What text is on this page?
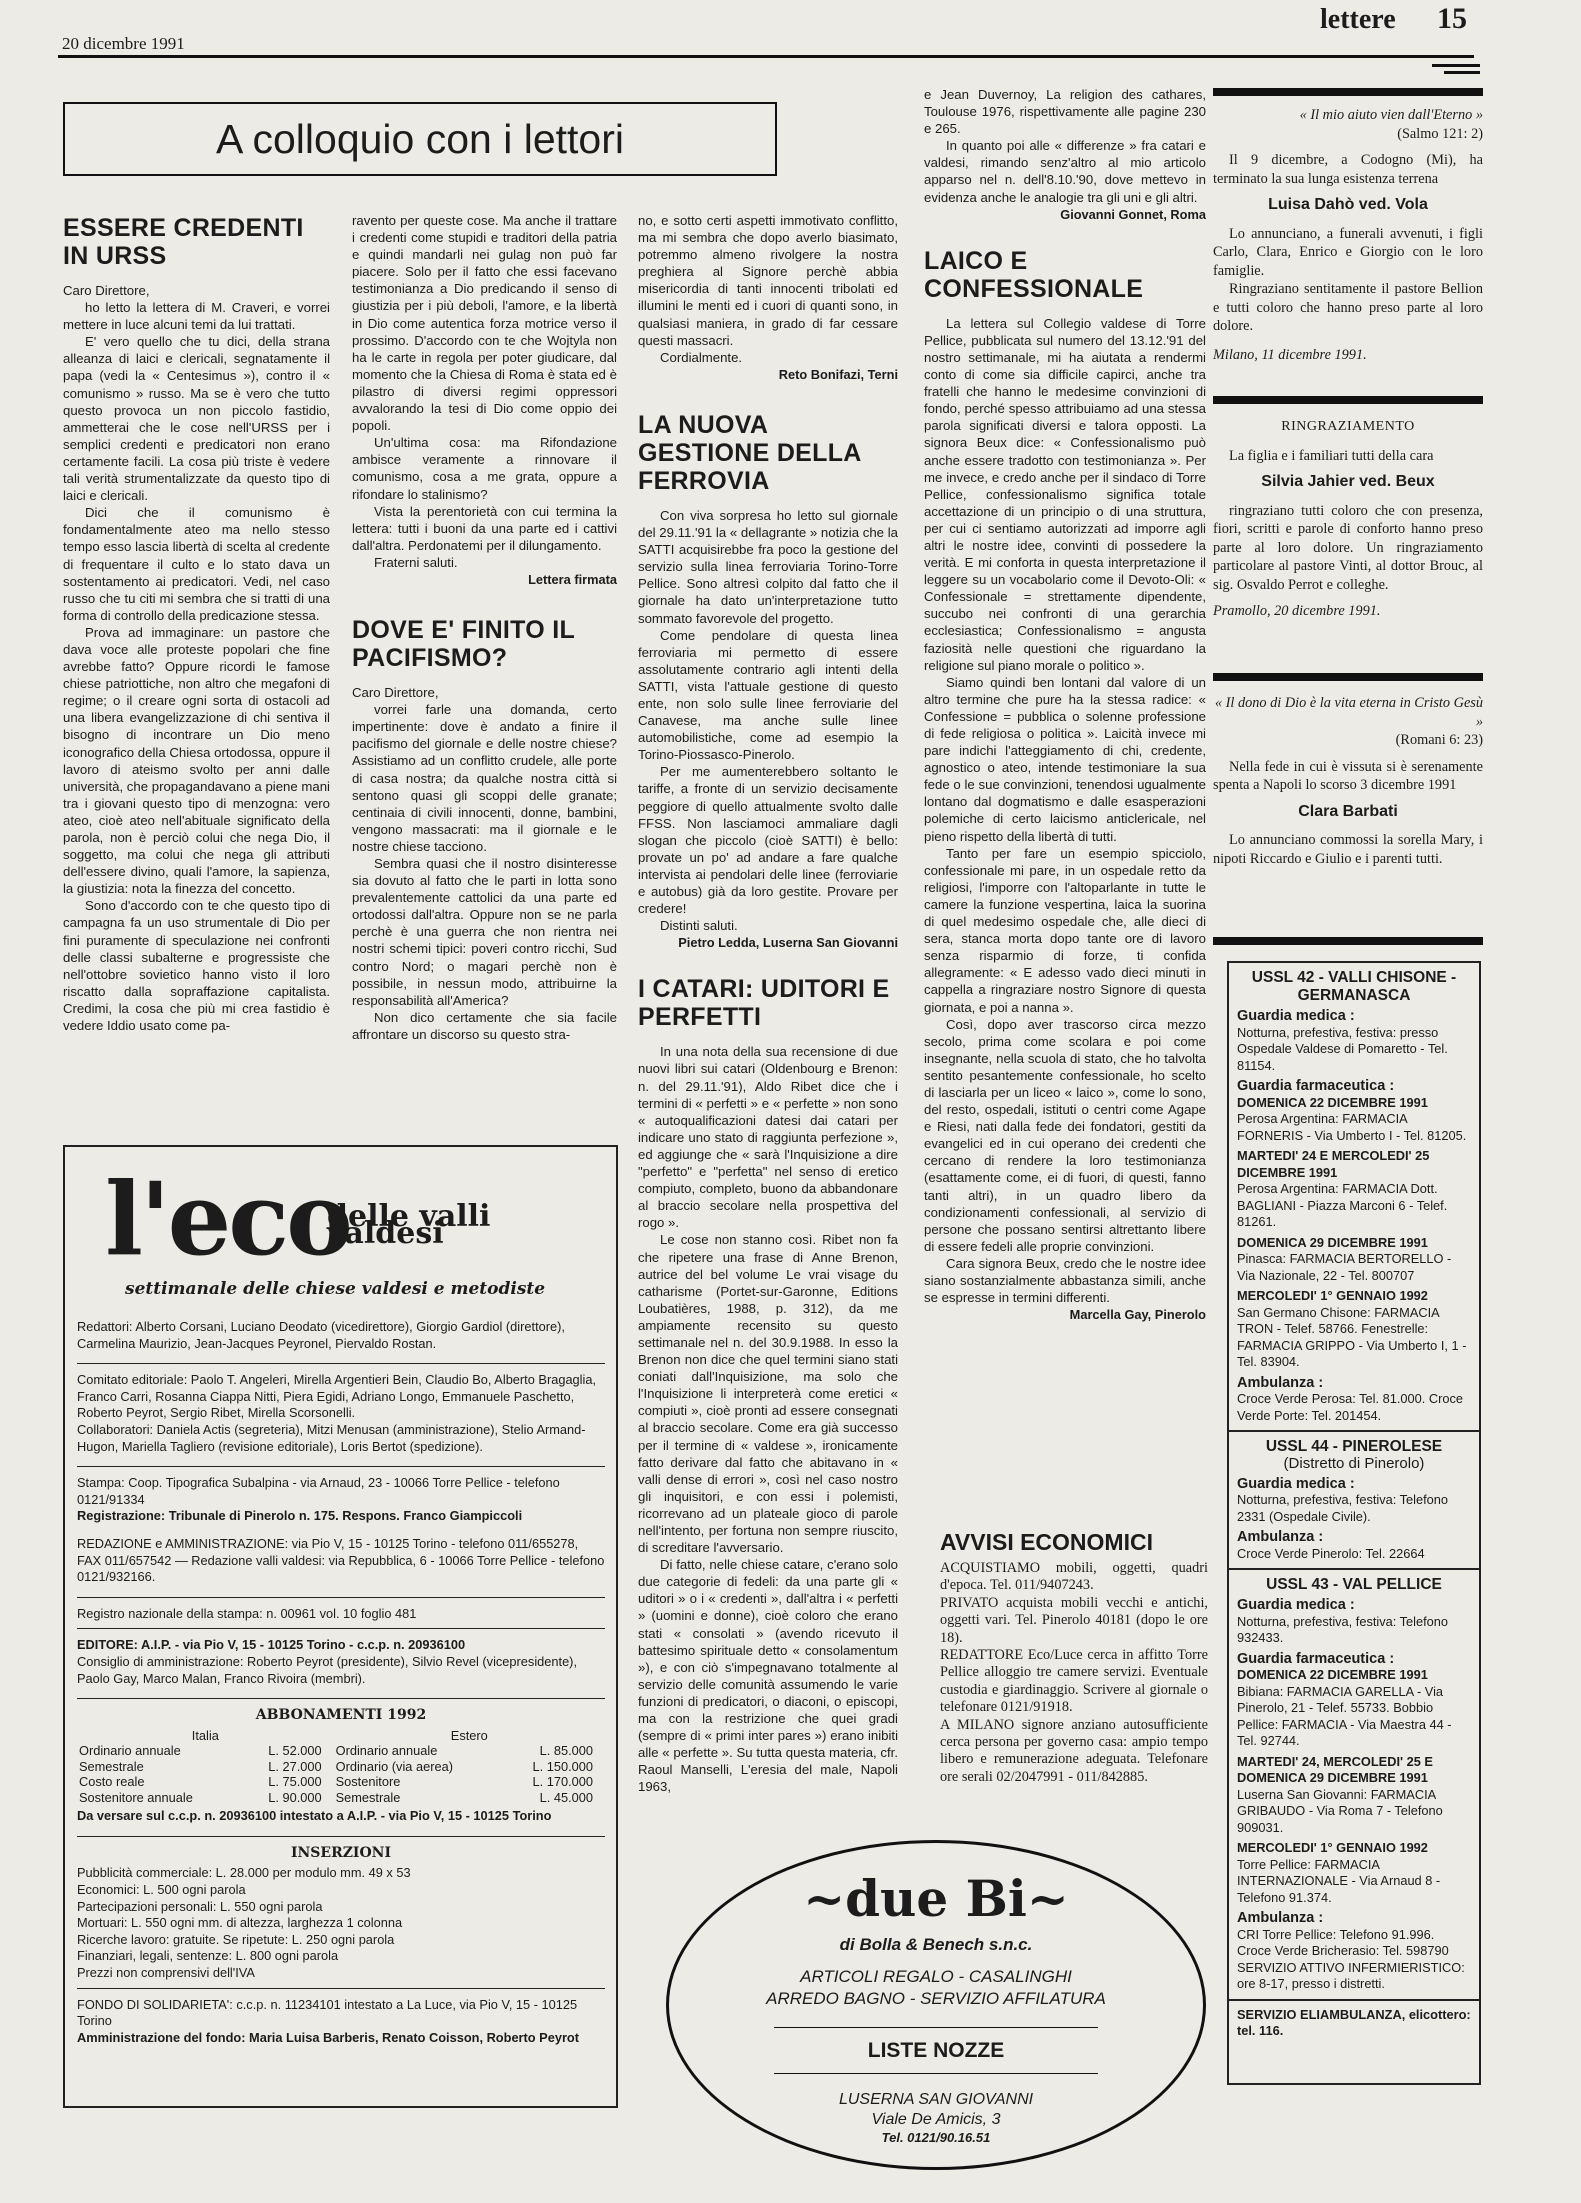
20 dicembre 1991
lettere 15
A colloquio con i lettori
ESSERE CREDENTI IN URSS

Caro Direttore,

ho letto la lettera di M. Craveri, e vorrei mettere in luce alcuni temi da lui trattati.

E' vero quello che tu dici, della strana alleanza di laici e clericali, segnatamente il papa (vedi la « Centesimus »), contro il « comunismo » russo. Ma se è vero che tutto questo provoca un non piccolo fastidio, ammetterai che le cose nell'URSS per i semplici credenti e predicatori non erano certamente facili. La cosa più triste è vedere tali verità strumentalizzate da questo tipo di laici e clericali.

Dici che il comunismo è fondamentalmente ateo ma nello stesso tempo esso lascia libertà di scelta al credente di frequentare il culto e lo stato dava un sostentamento ai predicatori. Vedi, nel caso russo che tu citi mi sembra che si tratti di una forma di controllo della predicazione stessa.

Prova ad immaginare: un pastore che dava voce alle proteste popolari che fine avrebbe fatto? Oppure ricordi le famose chiese patriottiche, non altro che megafoni di regime; o il creare ogni sorta di ostacoli ad una libera evangelizzazione di chi sentiva il bisogno di incontrare un Dio meno iconografico della Chiesa ortodossa, oppure il lavoro di ateismo svolto per anni dalle università, che propagandavano a piene mani tra i giovani questo tipo di menzogna: vero ateo, cioè ateo nell'abituale significato della parola, non è perciò colui che nega Dio, il soggetto, ma colui che nega gli attributi dell'essere divino, quali l'amore, la sapienza, la giustizia: nota la finezza del concetto.

Sono d'accordo con te che questo tipo di campagna fa un uso strumentale di Dio per fini puramente di speculazione nei confronti delle classi subalterne e progressiste che nell'ottobre sovietico hanno visto il loro riscatto dalla sopraffazione capitalista. Credimi, la cosa che più mi crea fastidio è vedere Iddio usato come pa-

ravento per queste cose. Ma anche il trattare i credenti come stupidi e traditori della patria e quindi mandarli nei gulag non può far piacere. Solo per il fatto che essi facevano testimonianza a Dio predicando il senso di giustizia per i più deboli, l'amore, e la libertà in Dio come autentica forza motrice verso il prossimo. D'accordo con te che Wojtyla non ha le carte in regola per poter giudicare, dal momento che la Chiesa di Roma è stata ed è pilastro di diversi regimi oppressori avvalorando la tesi di Dio come oppio dei popoli.

Un'ultima cosa: ma Rifondazione ambisce veramente a rinnovare il comunismo, cosa a me grata, oppure a rifondare lo stalinismo?

Vista la perentorietà con cui termina la lettera: tutti i buoni da una parte ed i cattivi dall'altra. Perdonatemi per il dilungamento.

Fraterni saluti.

Lettera firmata

DOVE E' FINITO IL PACIFISMO?

Caro Direttore,

vorrei farle una domanda, certo impertinente: dove è andato a finire il pacifismo del giornale e delle nostre chiese? Assistiamo ad un conflitto crudele, alle porte di casa nostra; da qualche nostra città si sentono quasi gli scoppi delle granate; centinaia di civili innocenti, donne, bambini, vengono massacrati: ma il giornale e le nostre chiese tacciono.

Sembra quasi che il nostro disinteresse sia dovuto al fatto che le parti in lotta sono prevalentemente cattolici da una parte ed ortodossi dall'altra. Oppure non se ne parla perchè è una guerra che non rientra nei nostri schemi tipici: poveri contro ricchi, Sud contro Nord; o magari perchè non è possibile, in nessun modo, attribuirne la responsabilità all'America?

Non dico certamente che sia facile affrontare un discorso su questo stra-

no, e sotto certi aspetti immotivato conflitto, ma mi sembra che dopo averlo biasimato, potremmo almeno rivolgere la nostra preghiera al Signore perchè abbia misericordia di tanti innocenti tribolati ed illumini le menti ed i cuori di quanti sono, in qualsiasi maniera, in grado di far cessare questi massacri.

Cordialmente.

Reto Bonifazi, Terni

LA NUOVA GESTIONE DELLA FERROVIA

Con viva sorpresa ho letto sul giornale del 29.11.'91 la « dellagrante » notizia che la SATTI acquisirebbe fra poco la gestione del servizio sulla linea ferroviaria Torino-Torre Pellice. Sono altresì colpito dal fatto che il giornale ha dato un'interpretazione tutto sommato favorevole del progetto.

Come pendolare di questa linea ferroviaria mi permetto di essere assolutamente contrario agli intenti della SATTI, vista l'attuale gestione di questo ente, non solo sulle linee ferroviarie del Canavese, ma anche sulle linee automobilistiche, come ad esempio la Torino-Piossasco-Pinerolo.

Per me aumenterebbero soltanto le tariffe, a fronte di un servizio decisamente peggiore di quello attualmente svolto dalle FFSS. Non lasciamoci ammaliare dagli slogan che piccolo (cioè SATTI) è bello: provate un po' ad andare a fare qualche intervista ai pendolari delle linee (ferroviarie e autobus) già da loro gestite. Provare per credere!

Distinti saluti.

Pietro Ledda, Luserna San Giovanni

I CATARI: UDITORI E PERFETTI

In una nota della sua recensione di due nuovi libri sui catari (Oldenbourg e Brenon: n. del 29.11.'91), Aldo Ribet dice che i termini di « perfetti » e « perfette » non sono « autoqualificazioni datesi dai catari per indicare uno stato di raggiunta perfezione », ed aggiunge che « sarà l'Inquisizione a dire "perfetto" e "perfetta" nel senso di eretico compiuto, completo, buono da abbandonare al braccio secolare nella prospettiva del rogo ».

Le cose non stanno così. Ribet non fa che ripetere una frase di Anne Brenon, autrice del bel volume Le vrai visage du catharisme (Portet-sur-Garonne, Editions Loubatières, 1988, p. 312), da me ampiamente recensito su questo settimanale nel n. del 30.9.1988. In esso la Brenon non dice che quel termini siano stati coniati dall'Inquisizione, ma solo che l'Inquisizione li interpreterà come eretici « compiuti », cioè pronti ad essere consegnati al braccio secolare. Come era già successo per il termine di « valdese », ironicamente fatto derivare dal fatto che abitavano in « valli dense di errori », così nel caso nostro gli inquisitori, e con essi i polemisti, ricorrevano ad un plateale gioco di parole nell'intento, per fortuna non sempre riuscito, di screditare l'avversario.

Di fatto, nelle chiese catare, c'erano solo due categorie di fedeli: da una parte gli « uditori » o i « credenti », dall'altra i « perfetti » (uomini e donne), cioè coloro che erano stati « consolati » (avendo ricevuto il battesimo spirituale detto « consolamentum »), e con ciò s'impegnavano totalmente al servizio delle comunità assumendo le varie funzioni di predicatori, o diaconi, o episcopi, ma con la restrizione che quei gradi (sempre di « primi inter pares ») erano inibiti alle « perfette ». Su tutta questa materia, cfr. Raoul Manselli, L'eresia del male, Napoli 1963,

e Jean Duvernoy, La religion des cathares, Toulouse 1976, rispettivamente alle pagine 230 e 265.

In quanto poi alle « differenze » fra catari e valdesi, rimando senz'altro al mio articolo apparso nel n. dell'8.10.'90, dove mettevo in evidenza anche le analogie tra gli uni e gli altri.

Giovanni Gonnet, Roma

LAICO E CONFESSIONALE

La lettera sul Collegio valdese di Torre Pellice, pubblicata sul numero del 13.12.'91 del nostro settimanale, mi ha aiutata a rendermi conto di come sia difficile capirci, anche tra fratelli che hanno le medesime convinzioni di fondo, perché spesso attribuiamo ad una stessa parola significati diversi e talora opposti. La signora Beux dice: « Confessionalismo può anche essere tradotto con testimonianza ». Per me invece, e credo anche per il sindaco di Torre Pellice, confessionalismo significa totale accettazione di un principio o di una struttura, per cui ci sentiamo autorizzati ad imporre agli altri le nostre idee, convinti di possedere la verità. E mi conforta in questa interpretazione il leggere su un vocabolario come il Devoto-Oli: « Confessionale = strettamente dipendente, succubo nei confronti di una gerarchia ecclesiastica; Confessionalismo = angusta faziosità nelle questioni che riguardano la religione sul piano morale o politico ».

Siamo quindi ben lontani dal valore di un altro termine che pure ha la stessa radice: « Confessione = pubblica o solenne professione di fede religiosa o politica ». Laicità invece mi pare indichi l'atteggiamento di chi, credente, agnostico o ateo, intende testimoniare la sua fede o le sue convinzioni, tenendosi ugualmente lontano dal dogmatismo e dalle esasperazioni polemiche di certo laicismo anticlericale, nel pieno rispetto della libertà di tutti.

Tanto per fare un esempio spicciolo, confessionale mi pare, in un ospedale retto da religiosi, l'imporre con l'altoparlante in tutte le camere la funzione vespertina, laica la suorina di quel medesimo ospedale che, alle dieci di sera, stanca morta dopo tante ore di lavoro senza risparmio di forze, ti confida allegramente: « E adesso vado dieci minuti in cappella a ringraziare nostro Signore di questa giornata, e poi a nanna ».

Così, dopo aver trascorso circa mezzo secolo, prima come scolara e poi come insegnante, nella scuola di stato, che ho talvolta sentito pesantemente confessionale, ho scelto di lasciarla per un liceo « laico », come lo sono, del resto, ospedali, istituti o centri come Agape e Riesi, nati dalla fede dei fondatori, gestiti da evangelici ed in cui operano dei credenti che cercano di rendere la loro testimonianza (esattamente come, ei di fuori, di questi, fanno tanti altri), in un quadro libero da condizionamenti confessionali, al servizio di persone che possano sentirsi altrettanto libere di essere fedeli alle proprie convinzioni.

Cara signora Beux, credo che le nostre idee siano sostanzialmente abbastanza simili, anche se espresse in termini differenti.

Marcella Gay, Pinerolo

AVVISI ECONOMICI

ACQUISTIAMO mobili, oggetti, quadri d'epoca. Tel. 011/9407243.

PRIVATO acquista mobili vecchi e antichi, oggetti vari. Tel. Pinerolo 40181 (dopo le ore 18).

REDATTORE Eco/Luce cerca in affitto Torre Pellice alloggio tre camere servizi. Eventuale custodia e giardinaggio. Scrivere al giornale o telefonare 0121/91918.

A MILANO signore anziano autosufficiente cerca persona per governo casa: ampio tempo libero e remunerazione adeguata. Telefonare ore serali 02/2047991 - 011/842885.

l'eco
delle valli valdesi
settimanale delle chiese valdesi e metodiste

Redattori: Alberto Corsani, Luciano Deodato (vicedirettore), Giorgio Gardiol (direttore), Carmelina Maurizio, Jean-Jacques Peyronel, Piervaldo Rostan.

Comitato editoriale: Paolo T. Angeleri, Mirella Argentieri Bein, Claudio Bo, Alberto Bragaglia, Franco Carri, Rosanna Ciappa Nitti, Piera Egidi, Adriano Longo, Emmanuele Paschetto, Roberto Peyrot, Sergio Ribet, Mirella Scorsonelli.

Collaboratori: Daniela Actis (segreteria), Mitzi Menusan (amministrazione), Stelio Armand-Hugon, Mariella Tagliero (revisione editoriale), Loris Bertot (spedizione).

Stampa: Coop. Tipografica Subalpina - via Arnaud, 23 - 10066 Torre Pellice - telefono 0121/91334

Registrazione: Tribunale di Pinerolo n. 175. Respons. Franco Giampiccoli

REDAZIONE e AMMINISTRAZIONE: via Pio V, 15 - 10125 Torino - telefono 011/655278, FAX 011/657542 — Redazione valli valdesi: via Repubblica, 6 - 10066 Torre Pellice - telefono 0121/932166.

Registro nazionale della stampa: n. 00961 vol. 10 foglio 481

EDITORE: A.I.P. - via Pio V, 15 - 10125 Torino - c.c.p. n. 20936100

Consiglio di amministrazione: Roberto Peyrot (presidente), Silvio Revel (vicepresidente), Paolo Gay, Marco Malan, Franco Rivoira (membri).

ABBONAMENTI 1992
Italia		Estero	
Ordinario annuale	L. 52.000	Ordinario annuale	L. 85.000
Semestrale	L. 27.000	Ordinario (via aerea)	L. 150.000
Costo reale	L. 75.000	Sostenitore	L. 170.000
Sostenitore annuale	L. 90.000	Semestrale	L. 45.000

Da versare sul c.c.p. n. 20936100 intestato a A.I.P. - via Pio V, 15 - 10125 Torino

INSERZIONI
Pubblicità commerciale: L. 28.000 per modulo mm. 49 x 53
Economici: L. 500 ogni parola
Partecipazioni personali: L. 550 ogni parola
Mortuari: L. 550 ogni mm. di altezza, larghezza 1 colonna
Ricerche lavoro: gratuite. Se ripetute: L. 250 ogni parola
Finanziari, legali, sentenze: L. 800 ogni parola
Prezzi non comprensivi dell'IVA

FONDO DI SOLIDARIETA': c.c.p. n. 11234101 intestato a La Luce, via Pio V, 15 - 10125 Torino

Amministrazione del fondo: Maria Luisa Barberis, Renato Coisson, Roberto Peyrot

« Il mio aiuto vien dall'Eterno »

(Salmo 121: 2)

Il 9 dicembre, a Codogno (Mi), ha terminato la sua lunga esistenza terrena

Luisa Dahò ved. Vola

Lo annunciano, a funerali avvenuti, i figli Carlo, Clara, Enrico e Giorgio con le loro famiglie.

Ringraziano sentitamente il pastore Bellion e tutti coloro che hanno preso parte al loro dolore.

Milano, 11 dicembre 1991.

RINGRAZIAMENTO

La figlia e i familiari tutti della cara

Silvia Jahier ved. Beux

ringraziano tutti coloro che con presenza, fiori, scritti e parole di conforto hanno preso parte al loro dolore. Un ringraziamento particolare al pastore Vinti, al dottor Brouc, al sig. Osvaldo Perrot e colleghe.

Pramollo, 20 dicembre 1991.

« Il dono di Dio è la vita eterna in Cristo Gesù »

(Romani 6: 23)

Nella fede in cui è vissuta si è serenamente spenta a Napoli lo scorso 3 dicembre 1991

Clara Barbati

Lo annunciano commossi la sorella Mary, i nipoti Riccardo e Giulio e i parenti tutti.

USSL 42 - VALLI CHISONE - GERMANASCA
Guardia medica :
Notturna, prefestiva, festiva: presso Ospedale Valdese di Pomaretto - Tel. 81154.
Guardia farmaceutica :
DOMENICA 22 DICEMBRE 1991
Perosa Argentina: FARMACIA FORNERIS - Via Umberto I - Tel. 81205.
MARTEDI' 24 E MERCOLEDI' 25 DICEMBRE 1991
Perosa Argentina: FARMACIA Dott. BAGLIANI - Piazza Marconi 6 - Telef. 81261.
DOMENICA 29 DICEMBRE 1991
Pinasca: FARMACIA BERTORELLO - Via Nazionale, 22 - Tel. 800707
MERCOLEDI' 1° GENNAIO 1992
San Germano Chisone: FARMACIA TRON - Telef. 58766. Fenestrelle: FARMACIA GRIPPO - Via Umberto I, 1 - Tel. 83904.
Ambulanza :
Croce Verde Perosa: Tel. 81.000. Croce Verde Porte: Tel. 201454.
USSL 44 - PINEROLESE
(Distretto di Pinerolo)
Guardia medica :
Notturna, prefestiva, festiva: Telefono 2331 (Ospedale Civile).
Ambulanza :
Croce Verde Pinerolo: Tel. 22664
USSL 43 - VAL PELLICE
Guardia medica :
Notturna, prefestiva, festiva: Telefono 932433.
Guardia farmaceutica :
DOMENICA 22 DICEMBRE 1991
Bibiana: FARMACIA GARELLA - Via Pinerolo, 21 - Telef. 55733. Bobbio Pellice: FARMACIA - Via Maestra 44 - Tel. 92744.
MARTEDI' 24, MERCOLEDI' 25 E DOMENICA 29 DICEMBRE 1991
Luserna San Giovanni: FARMACIA GRIBAUDO - Via Roma 7 - Telefono 909031.
MERCOLEDI' 1° GENNAIO 1992
Torre Pellice: FARMACIA INTERNAZIONALE - Via Arnaud 8 - Telefono 91.374.
Ambulanza :
CRI Torre Pellice: Telefono 91.996. Croce Verde Bricherasio: Tel. 598790 SERVIZIO ATTIVO INFERMIERISTICO: ore 8-17, presso i distretti.
SERVIZIO ELIAMBULANZA, elicottero: tel. 116.
~due Bi~
di Bolla & Benech s.n.c.
ARTICOLI REGALO - CASALINGHI
ARREDO BAGNO - SERVIZIO AFFILATURA
LISTE NOZZE
LUSERNA SAN GIOVANNI
Viale De Amicis, 3
Tel. 0121/90.16.51
